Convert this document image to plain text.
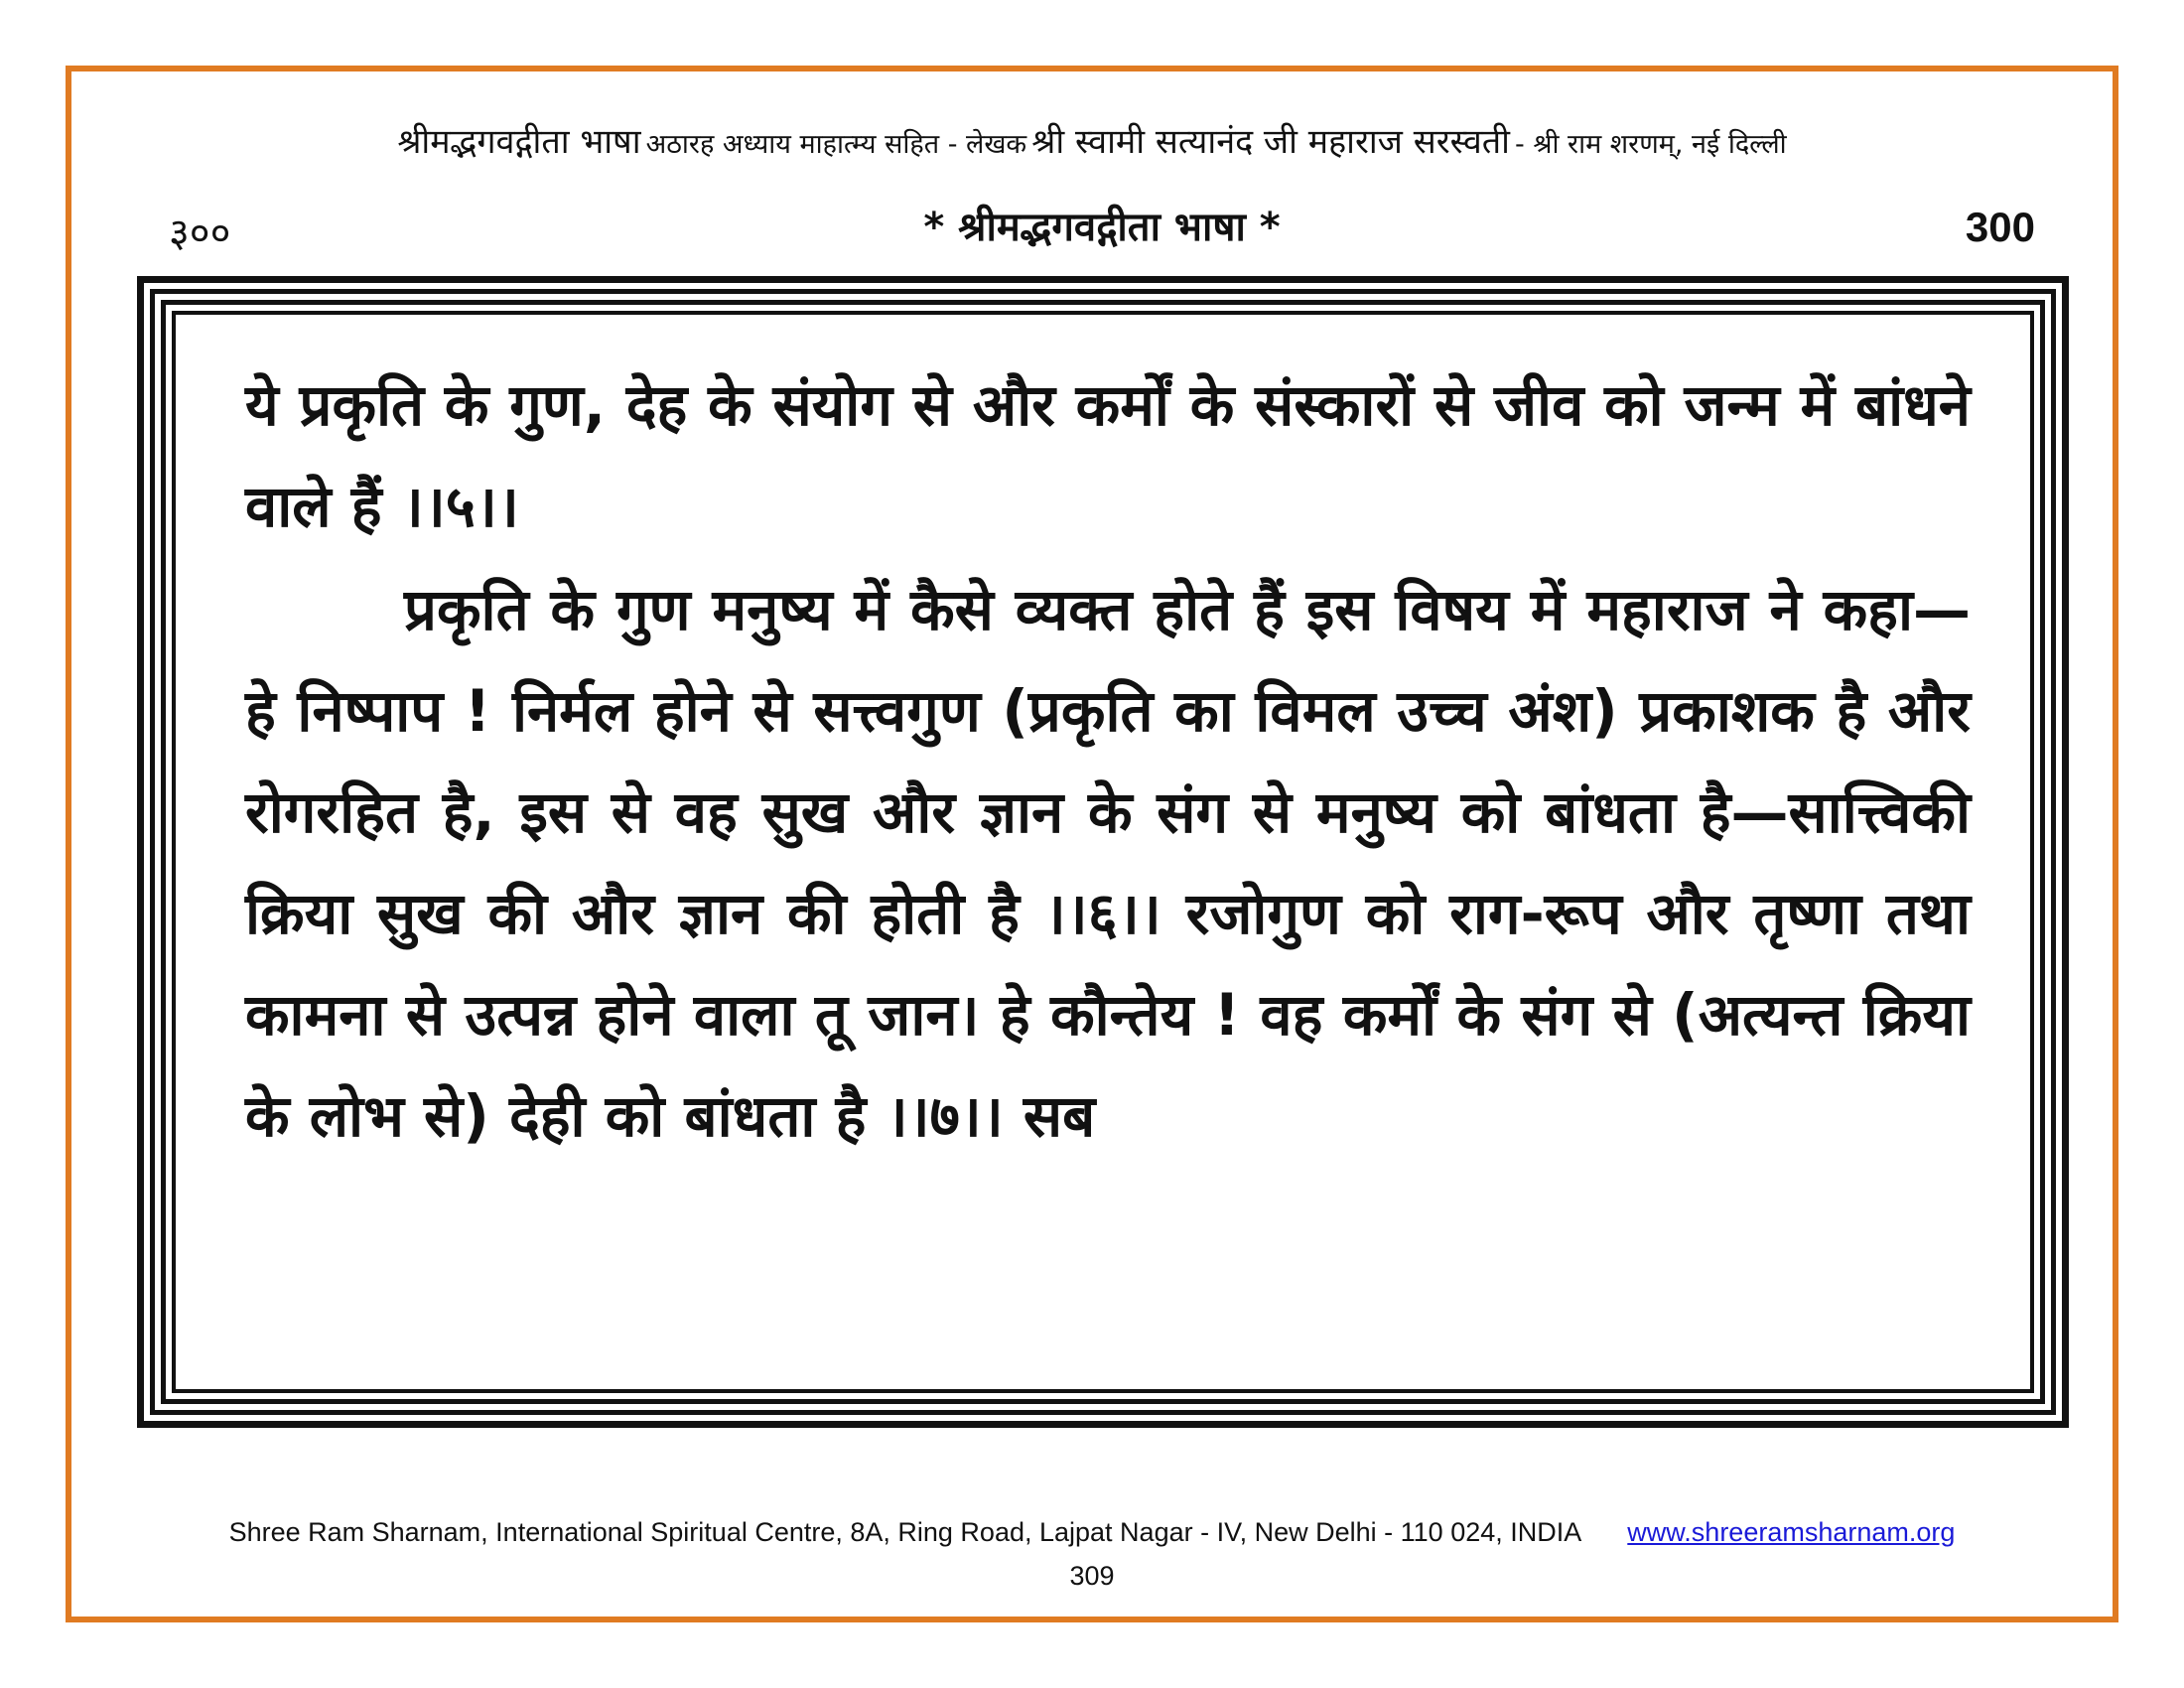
श्रीमद्भगवद्गीता भाषा अठारह अध्याय माहात्म्य सहित - लेखक श्री स्वामी सत्यानंद जी महाराज सरस्वती - श्री राम शरणम्, नई दिल्ली
३००	* श्रीमद्भगवद्गीता भाषा *	300

ये प्रकृति के गुण, देह के संयोग से और कर्मों के संस्कारों से जीव को जन्म में बांधने वाले हैं ।।५।।

प्रकृति के गुण मनुष्य में कैसे व्यक्त होते हैं इस विषय में महाराज ने कहा—हे निष्पाप ! निर्मल होने से सत्त्वगुण (प्रकृति का विमल उच्च अंश) प्रकाशक है और रोगरहित है, इस से वह सुख और ज्ञान के संग से मनुष्य को बांधता है—सात्त्विकी क्रिया सुख की और ज्ञान की होती है ।।६।। रजोगुण को राग-रूप और तृष्णा तथा कामना से उत्पन्न होने वाला तू जान। हे कौन्तेय ! वह कर्मों के संग से (अत्यन्त क्रिया के लोभ से) देही को बांधता है ।।७।। सब

Shree Ram Sharnam, International Spiritual Centre, 8A, Ring Road, Lajpat Nagar - IV, New Delhi - 110 024, INDIA www.shreeramsharnam.org
309
